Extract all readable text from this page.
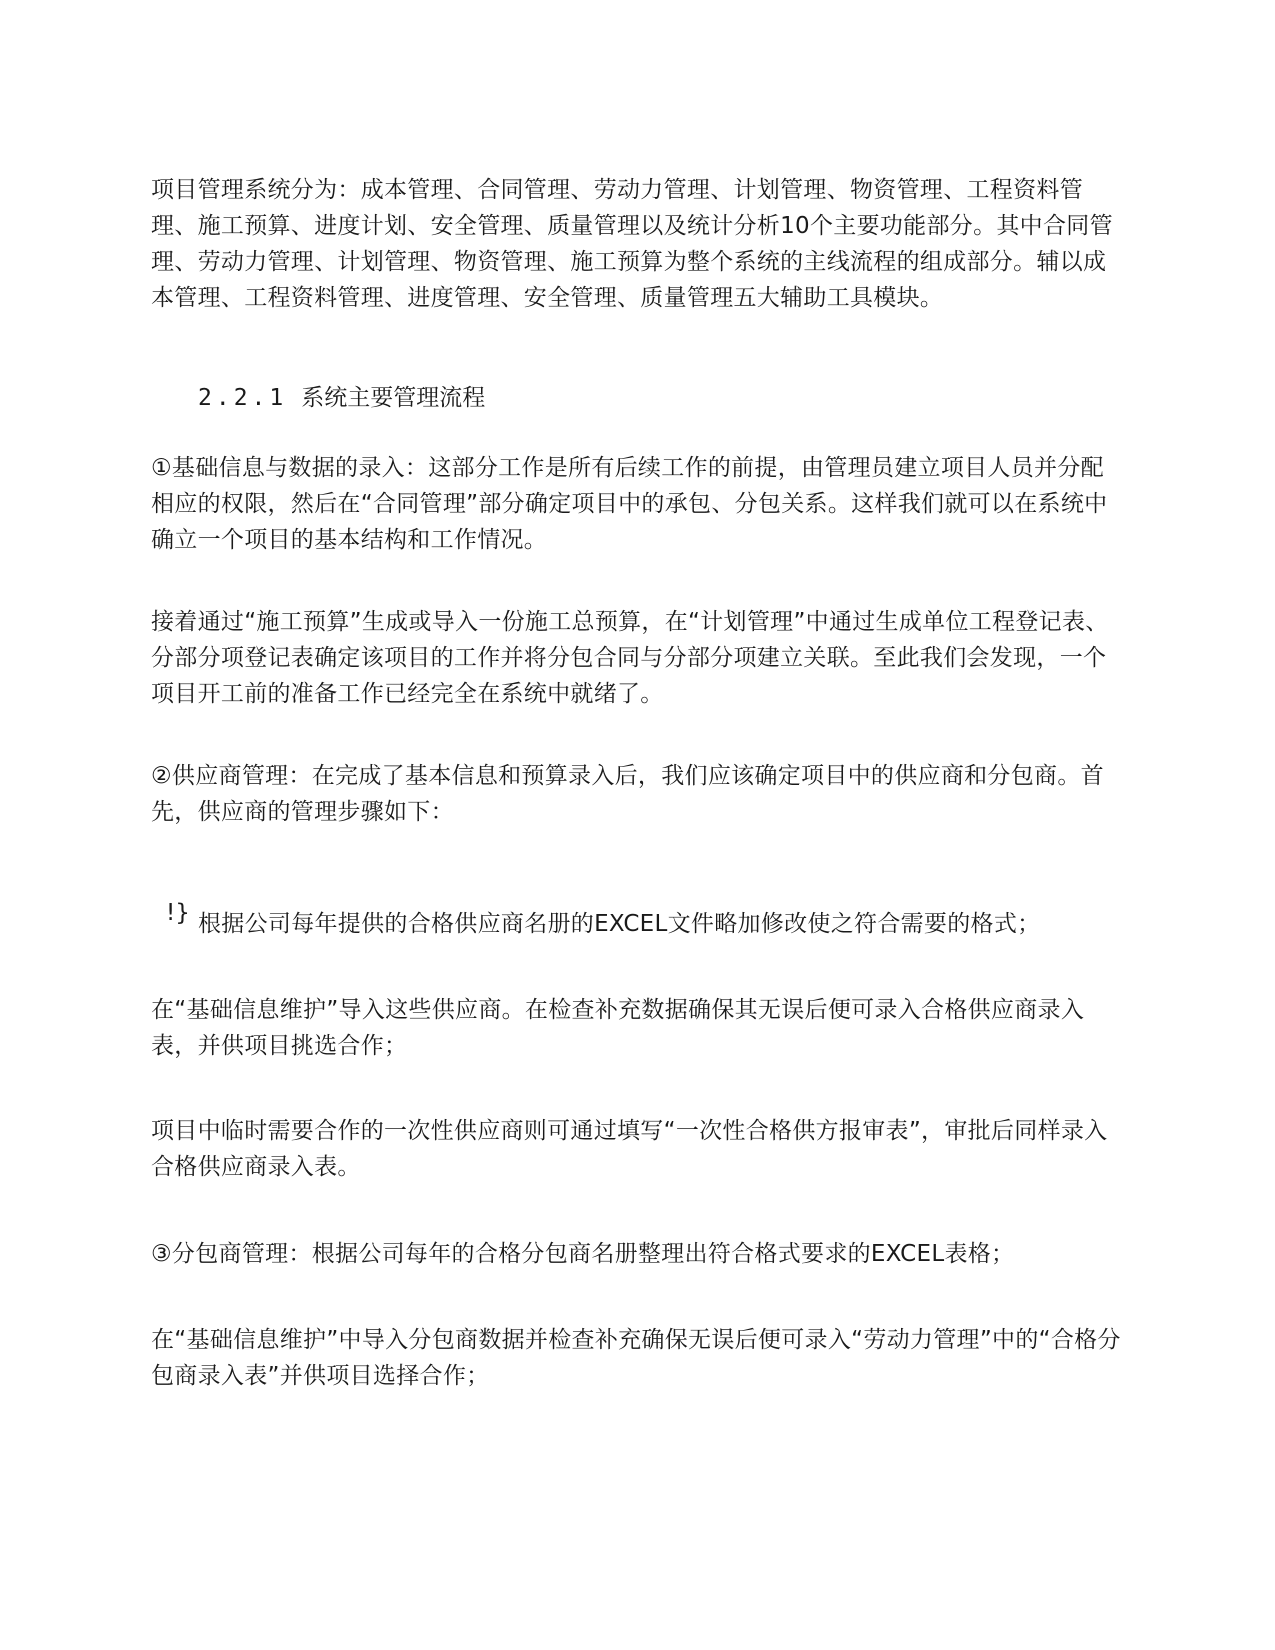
项目管理系统分为：成本管理、合同管理、劳动力管理、计划管理、物资管理、工程资料管理、施工预算、进度计划、安全管理、质量管理以及统计分析10个主要功能部分。其中合同管理、劳动力管理、计划管理、物资管理、施工预算为整个系统的主线流程的组成部分。辅以成本管理、工程资料管理、进度管理、安全管理、质量管理五大辅助工具模块。

2.2.1 系统主要管理流程

①基础信息与数据的录入：这部分工作是所有后续工作的前提，由管理员建立项目人员并分配相应的权限，然后在“合同管理”部分确定项目中的承包、分包关系。这样我们就可以在系统中确立一个项目的基本结构和工作情况。

接着通过“施工预算”生成或导入一份施工总预算，在“计划管理”中通过生成单位工程登记表、分部分项登记表确定该项目的工作并将分包合同与分部分项建立关联。至此我们会发现，一个项目开工前的准备工作已经完全在系统中就绪了。

②供应商管理：在完成了基本信息和预算录入后，我们应该确定项目中的供应商和分包商。首先，供应商的管理步骤如下：

!} 根据公司每年提供的合格供应商名册的EXCEL文件略加修改使之符合需要的格式；

在“基础信息维护”导入这些供应商。在检查补充数据确保其无误后便可录入合格供应商录入表，并供项目挑选合作；

项目中临时需要合作的一次性供应商则可通过填写“一次性合格供方报审表”，审批后同样录入合格供应商录入表。

③分包商管理：根据公司每年的合格分包商名册整理出符合格式要求的EXCEL表格；

在“基础信息维护”中导入分包商数据并检查补充确保无误后便可录入“劳动力管理”中的“合格分包商录入表”并供项目选择合作；
